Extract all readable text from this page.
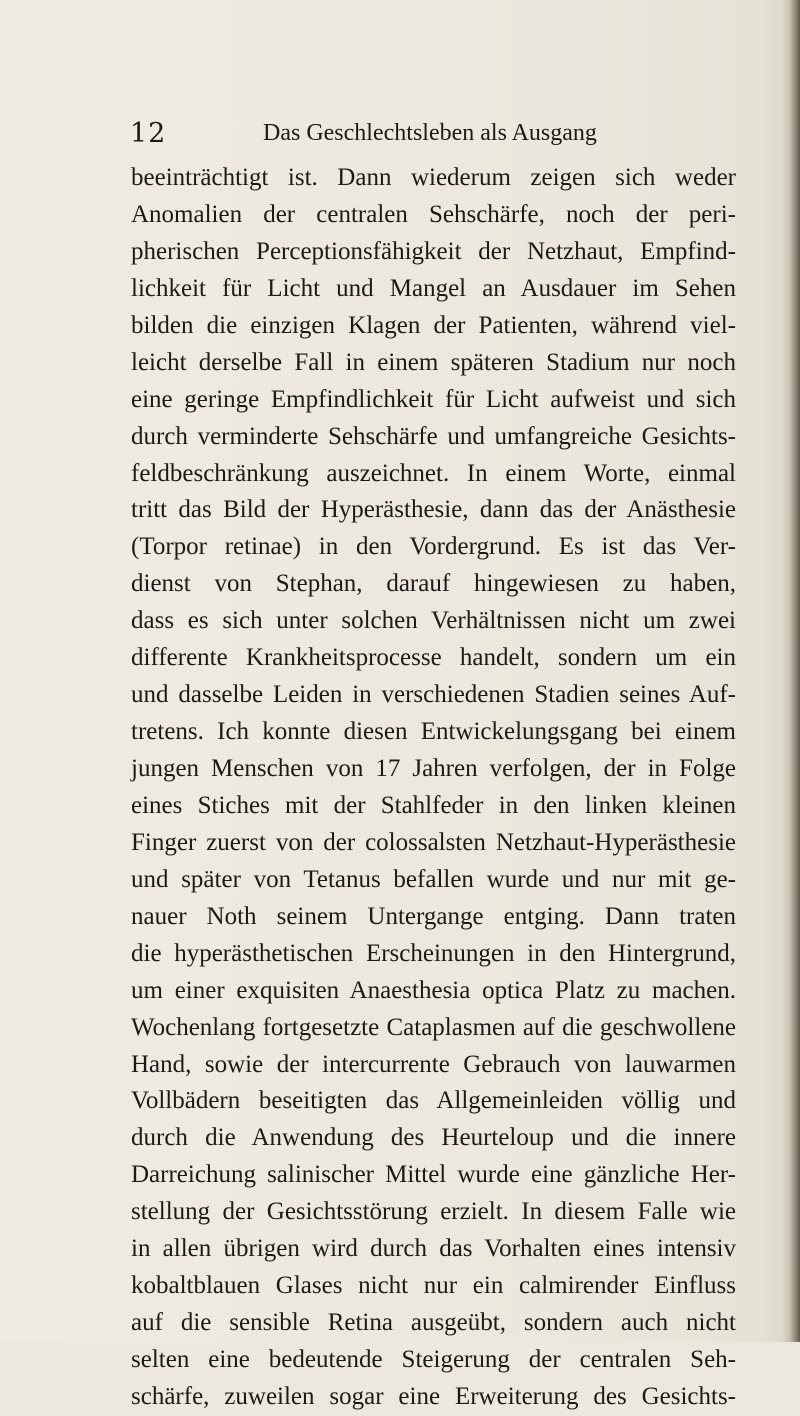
12	Das Geschlechtsleben als Ausgang
beeinträchtigt ist. Dann wiederum zeigen sich weder
Anomalien der centralen Sehschärfe, noch der peri-
pherischen Perceptionsfähigkeit der Netzhaut, Empfind-
lichkeit für Licht und Mangel an Ausdauer im Sehen
bilden die einzigen Klagen der Patienten, während viel-
leicht derselbe Fall in einem späteren Stadium nur noch
eine geringe Empfindlichkeit für Licht aufweist und sich
durch verminderte Sehschärfe und umfangreiche Gesichts-
feldbeschränkung auszeichnet. In einem Worte, einmal
tritt das Bild der Hyperästhesie, dann das der Anästhesie
(Torpor retinae) in den Vordergrund. Es ist das Ver-
dienst von Stephan, darauf hingewiesen zu haben,
dass es sich unter solchen Verhältnissen nicht um zwei
differente Krankheitsprocesse handelt, sondern um ein
und dasselbe Leiden in verschiedenen Stadien seines Auf-
tretens. Ich konnte diesen Entwickelungsgang bei einem
jungen Menschen von 17 Jahren verfolgen, der in Folge
eines Stiches mit der Stahlfeder in den linken kleinen
Finger zuerst von der colossalsten Netzhaut-Hyperästhesie
und später von Tetanus befallen wurde und nur mit ge-
nauer Noth seinem Untergange entging. Dann traten
die hyperästhetischen Erscheinungen in den Hintergrund,
um einer exquisiten Anaesthesia optica Platz zu machen.
Wochenlang fortgesetzte Cataplasmen auf die geschwollene
Hand, sowie der intercurrente Gebrauch von lauwarmen
Vollbädern beseitigten das Allgemeinleiden völlig und
durch die Anwendung des Heurteloup und die innere
Darreichung salinischer Mittel wurde eine gänzliche Her-
stellung der Gesichtsstörung erzielt. In diesem Falle wie
in allen übrigen wird durch das Vorhalten eines intensiv
kobaltblauen Glases nicht nur ein calmirender Einfluss
auf die sensible Retina ausgeübt, sondern auch nicht
selten eine bedeutende Steigerung der centralen Seh-
schärfe, zuweilen sogar eine Erweiterung des Gesichts-
